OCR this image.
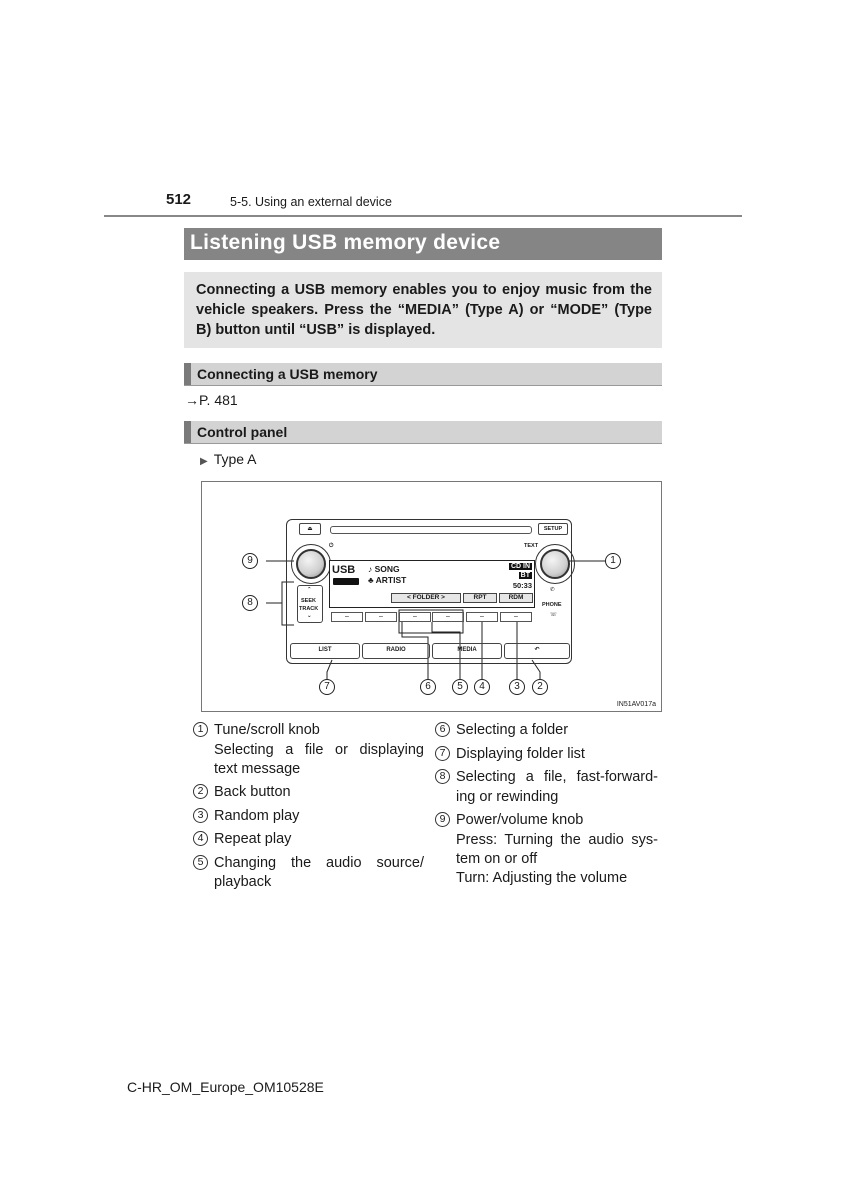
512	5-5. Using an external device
Listening USB memory device
Connecting a USB memory enables you to enjoy music from the vehicle speakers. Press the “MEDIA” (Type A) or “MODE” (Type B) button until “USB” is displayed.
Connecting a USB memory
→P. 481
Control panel
▶ Type A
⏏	SETUP
⏻	TEXT
⌃
SEEK
TRACK
⌄
✆
PHONE
☏
USB ♪ SONG
♣ ARTIST
CD IN
BT
50:33
< FOLDER >	RPT	RDM
–	–	–	–	–	–
LIST	RADIO	MEDIA	↶
9
8
1
7	6	5	4	3	2
IN51AV017a
1 Tune/scroll knob
Selecting a file or displaying
text message
2 Back button
3 Random play
4 Repeat play
5 Changing the audio source/
playback
6 Selecting a folder
7 Displaying folder list
8 Selecting a file, fast-forward-
ing or rewinding
9 Power/volume knob
Press: Turning the audio sys-
tem on or off
Turn: Adjusting the volume
C-HR_OM_Europe_OM10528E
